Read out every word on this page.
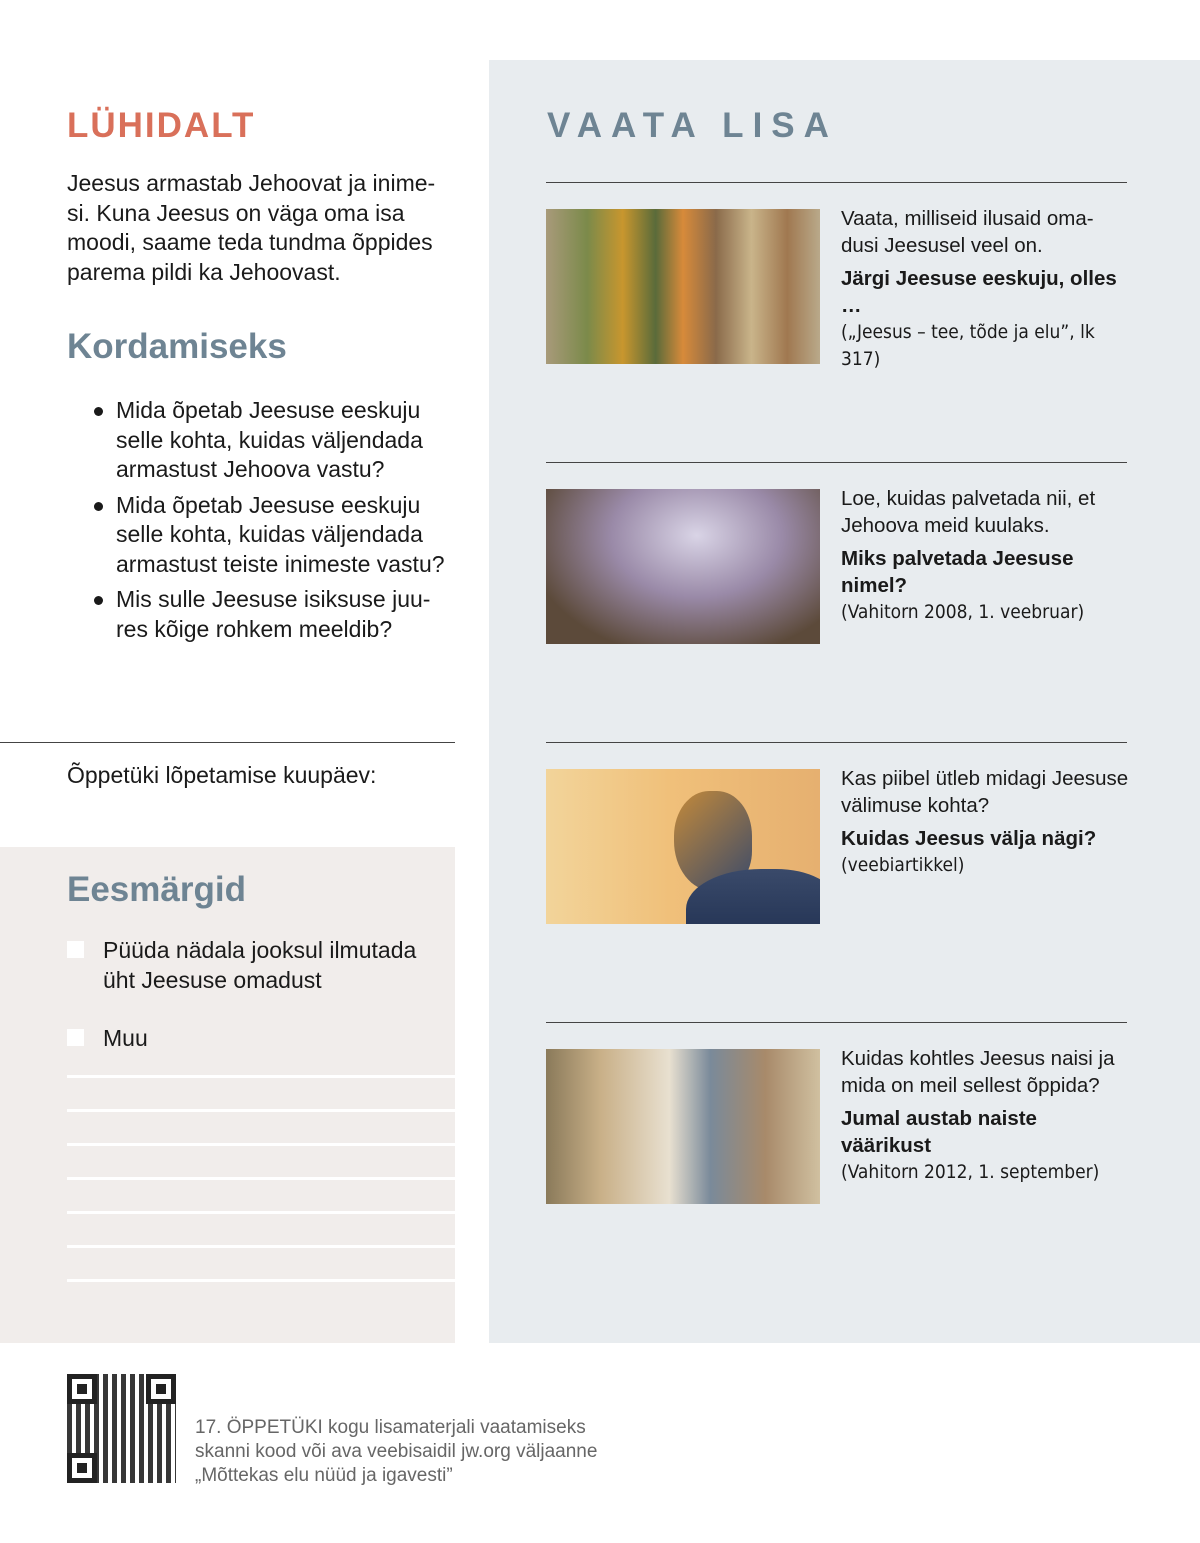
LÜHIDALT

Jeesus armastab Jehoovat ja inime-si. Kuna Jeesus on väga oma isa moodi, saame teda tundma õppides parema pildi ka Jehoovast.

Kordamiseks
Mida õpetab Jeesuse eeskuju selle kohta, kuidas väljendada armastust Jehoova vastu?
Mida õpetab Jeesuse eeskuju selle kohta, kuidas väljendada armastust teiste inimeste vastu?
Mis sulle Jeesuse isiksuse juu-res kõige rohkem meeldib?
Õppetüki lõpetamise kuupäev:
Eesmärgid
Püüda nädala jooksul ilmutada üht Jeesuse omadust
Muu
VAATA LISA
Vaata, milliseid ilusaid oma-dusi Jeesusel veel on.
Järgi Jeesuse eeskuju, olles …
(„Jeesus – tee, tõde ja elu”, lk 317)
Loe, kuidas palvetada nii, et Jehoova meid kuulaks.
Miks palvetada Jeesuse nimel?
(Vahitorn 2008, 1. veebruar)
Kas piibel ütleb midagi Jeesuse välimuse kohta?
Kuidas Jeesus välja nägi?
(veebiartikkel)
Kuidas kohtles Jeesus naisi ja mida on meil sellest õppida?
Jumal austab naiste väärikust
(Vahitorn 2012, 1. september)
17. ÖPPETÜKI kogu lisamaterjali vaatamiseks
skanni kood või ava veebisaidil jw.org väljaanne
„Mõttekas elu nüüd ja igavesti”
